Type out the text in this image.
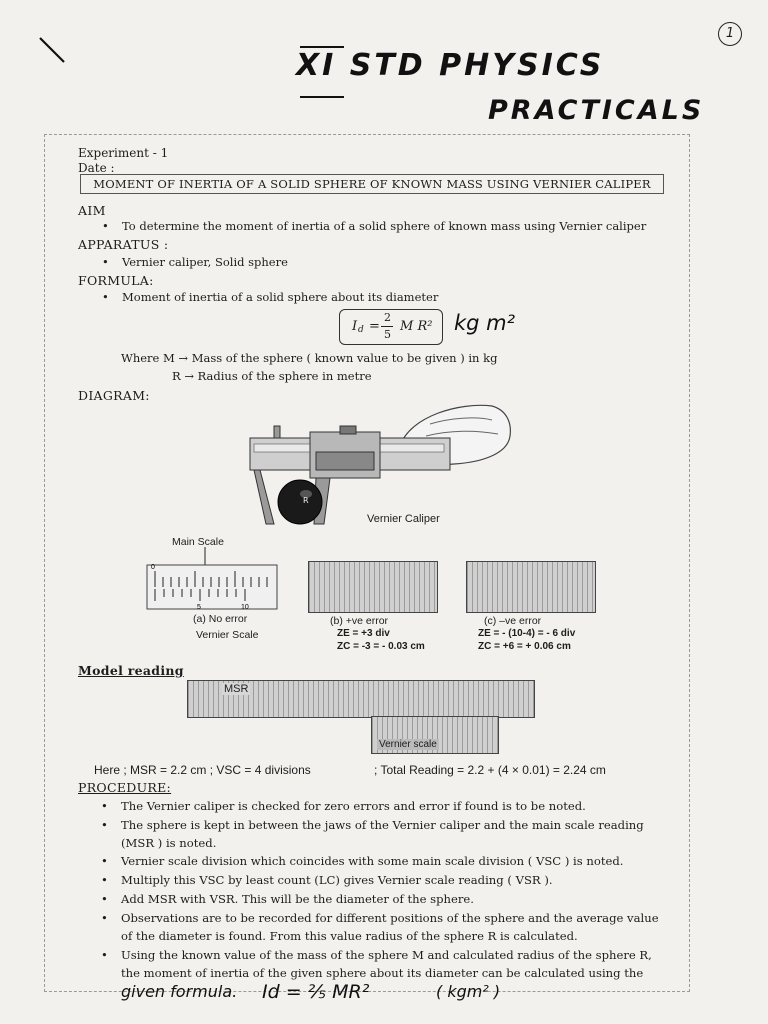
1
XI STD PHYSICS
PRACTICALS
Experiment - 1
Date :
MOMENT OF INERTIA OF A SOLID SPHERE OF KNOWN MASS USING VERNIER CALIPER
AIM
• To determine the moment of inertia of a solid sphere of known mass using Vernier caliper
APPARATUS :
• Vernier caliper, Solid sphere
FORMULA:
• Moment of inertia of a solid sphere about its diameter
I d =
2
5
M R² kg m²
Where M → Mass of the sphere ( known value to be given ) in kg
R → Radius of the sphere in metre
DIAGRAM:
R
Vernier Caliper
Main Scale
0
5	10
(a) No error
Vernier Scale
(b) +ve error
ZE = +3 div
ZC = -3 = - 0.03 cm
(c) –ve error
ZE = - (10-4) = - 6 div
ZC = +6 = + 0.06 cm
Model reading
MSR
Vernier scale
Here ; MSR = 2.2 cm ; VSC = 4 divisions	; Total Reading = 2.2 + (4 × 0.01) = 2.24 cm
PROCEDURE:
• The Vernier caliper is checked for zero errors and error if found is to be noted.
• The sphere is kept in between the jaws of the Vernier caliper and the main scale reading
(MSR ) is noted.
• Vernier scale division which coincides with some main scale division ( VSC ) is noted.
• Multiply this VSC by least count (LC) gives Vernier scale reading ( VSR ).
• Add MSR with VSR. This will be the diameter of the sphere.
• Observations are to be recorded for different positions of the sphere and the average value
of the diameter is found. From this value radius of the sphere R is calculated.
• Using the known value of the mass of the sphere M and calculated radius of the sphere R,
the moment of inertia of the given sphere about its diameter can be calculated using the
given formula. Id = ⅖ MR²	( kgm² )
